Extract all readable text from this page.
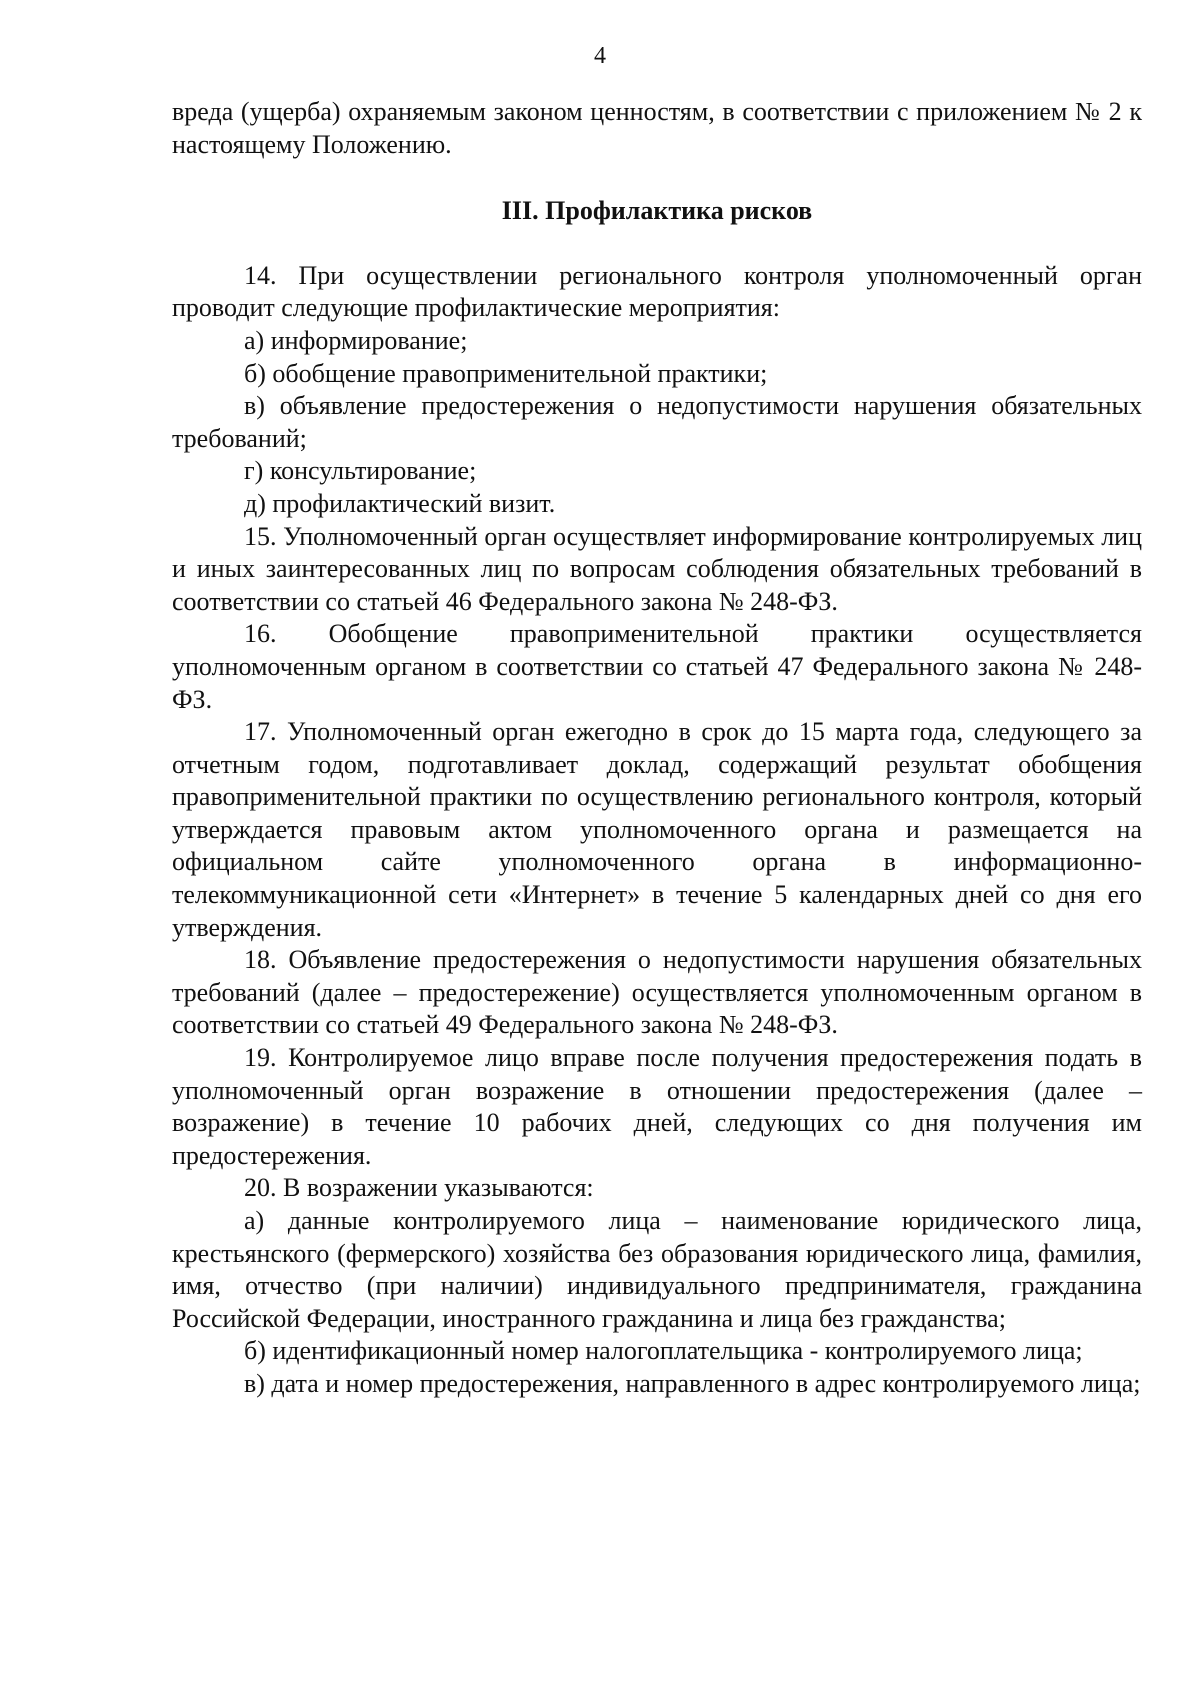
4

вреда (ущерба) охраняемым законом ценностям, в соответствии с приложением № 2 к настоящему Положению.

III. Профилактика рисков

14. При осуществлении регионального контроля уполномоченный орган проводит следующие профилактические мероприятия:

а) информирование;

б) обобщение правоприменительной практики;

в) объявление предостережения о недопустимости нарушения обязательных требований;

г) консультирование;

д) профилактический визит.

15. Уполномоченный орган осуществляет информирование контролируемых лиц и иных заинтересованных лиц по вопросам соблюдения обязательных требований в соответствии со статьей 46 Федерального закона № 248-ФЗ.

16. Обобщение правоприменительной практики осуществляется уполномоченным органом в соответствии со статьей 47 Федерального закона № 248-ФЗ.

17. Уполномоченный орган ежегодно в срок до 15 марта года, следующего за отчетным годом, подготавливает доклад, содержащий результат обобщения правоприменительной практики по осуществлению регионального контроля, который утверждается правовым актом уполномоченного органа и размещается на официальном сайте уполномоченного органа в информационно-телекоммуникационной сети «Интернет» в течение 5 календарных дней со дня его утверждения.

18. Объявление предостережения о недопустимости нарушения обязательных требований (далее – предостережение) осуществляется уполномоченным органом в соответствии со статьей 49 Федерального закона № 248-ФЗ.

19. Контролируемое лицо вправе после получения предостережения подать в уполномоченный орган возражение в отношении предостережения (далее – возражение) в течение 10 рабочих дней, следующих со дня получения им предостережения.

20. В возражении указываются:

а) данные контролируемого лица – наименование юридического лица, крестьянского (фермерского) хозяйства без образования юридического лица, фамилия, имя, отчество (при наличии) индивидуального предпринимателя, гражданина Российской Федерации, иностранного гражданина и лица без гражданства;

б) идентификационный номер налогоплательщика - контролируемого лица;

в) дата и номер предостережения, направленного в адрес контролируемого лица;
